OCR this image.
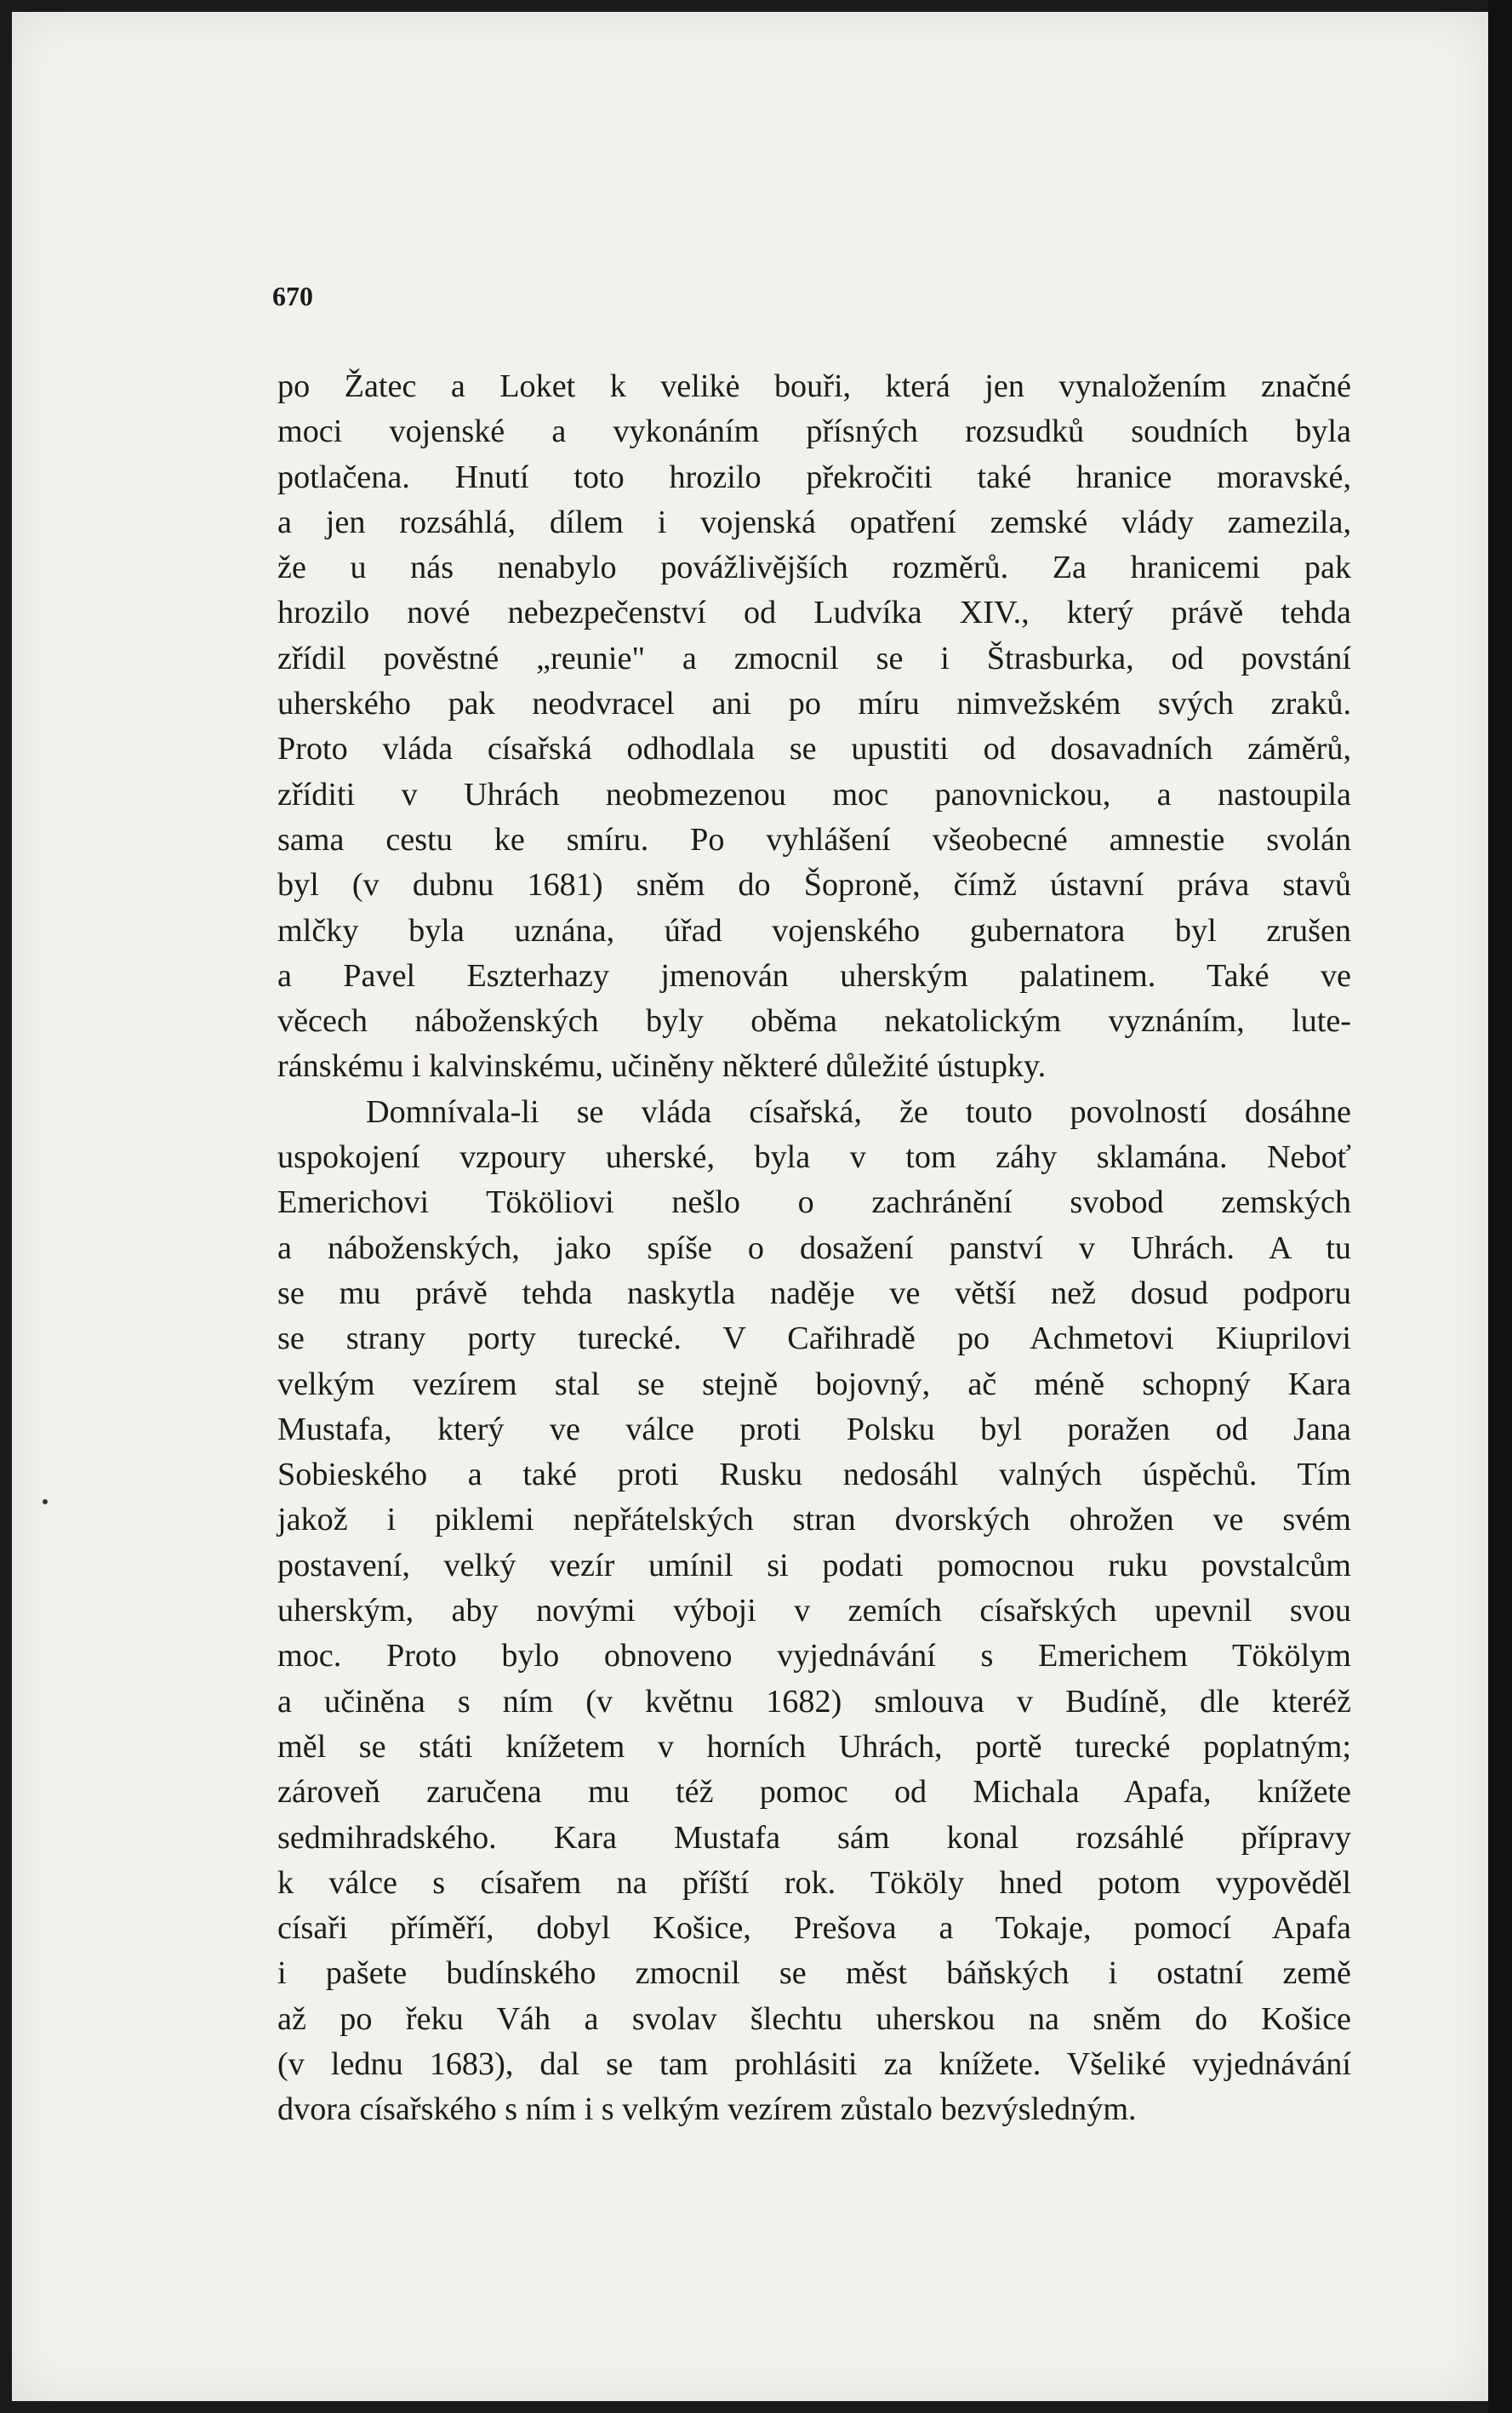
670
po Žatec a Loket k velikė bouři, která jen vynaložením značné
moci vojenské a vykonáním přísných rozsudků soudních byla
potlačena. Hnutí toto hrozilo překročiti také hranice moravské,
a jen rozsáhlá, dílem i vojenská opatření zemské vlády zamezila,
že u nás nenabylo povážlivějších rozměrů. Za hranicemi pak
hrozilo nové nebezpečenství od Ludvíka XIV., který právě tehda
zřídil pověstné „reunie" a zmocnil se i Štrasburka, od povstání
uherského pak neodvracel ani po míru nimvežském svých zraků.
Proto vláda císařská odhodlala se upustiti od dosavadních záměrů,
zříditi v Uhrách neobmezenou moc panovnickou, a nastoupila
sama cestu ke smíru. Po vyhlášení všeobecné amnestie svolán
byl (v dubnu 1681) sněm do Šoproně, čímž ústavní práva stavů
mlčky byla uznána, úřad vojenského gubernatora byl zrušen
a Pavel Eszterhazy jmenován uherským palatinem. Také ve
věcech náboženských byly oběma nekatolickým vyznáním, lute-
ránskému i kalvinskému, učiněny některé důležité ústupky.
Domnívala-li se vláda císařská, že touto povolností dosáhne
uspokojení vzpoury uherské, byla v tom záhy sklamána. Neboť
Emerichovi Tököliovi nešlo o zachránění svobod zemských
a náboženských, jako spíše o dosažení panství v Uhrách. A tu
se mu právě tehda naskytla naděje ve větší než dosud podporu
se strany porty turecké. V Cařihradě po Achmetovi Kiuprilovi
velkým vezírem stal se stejně bojovný, ač méně schopný Kara
Mustafa, který ve válce proti Polsku byl poražen od Jana
Sobieského a také proti Rusku nedosáhl valných úspěchů. Tím
jakož i piklemi nepřátelských stran dvorských ohrožen ve svém
postavení, velký vezír umínil si podati pomocnou ruku povstalcům
uherským, aby novými výboji v zemích císařských upevnil svou
moc. Proto bylo obnoveno vyjednávání s Emerichem Tökölym
a učiněna s ním (v květnu 1682) smlouva v Budíně, dle kteréž
měl se státi knížetem v horních Uhrách, portě turecké poplatným;
zároveň zaručena mu též pomoc od Michala Apafa, knížete
sedmihradského. Kara Mustafa sám konal rozsáhlé přípravy
k válce s císařem na příští rok. Tököly hned potom vypověděl
císaři příměří, dobyl Košice, Prešova a Tokaje, pomocí Apafa
i pašete budínského zmocnil se měst báňských i ostatní země
až po řeku Váh a svolav šlechtu uherskou na sněm do Košice
(v lednu 1683), dal se tam prohlásiti za knížete. Všeliké vyjednávání
dvora císařského s ním i s velkým vezírem zůstalo bezvýsledným.
